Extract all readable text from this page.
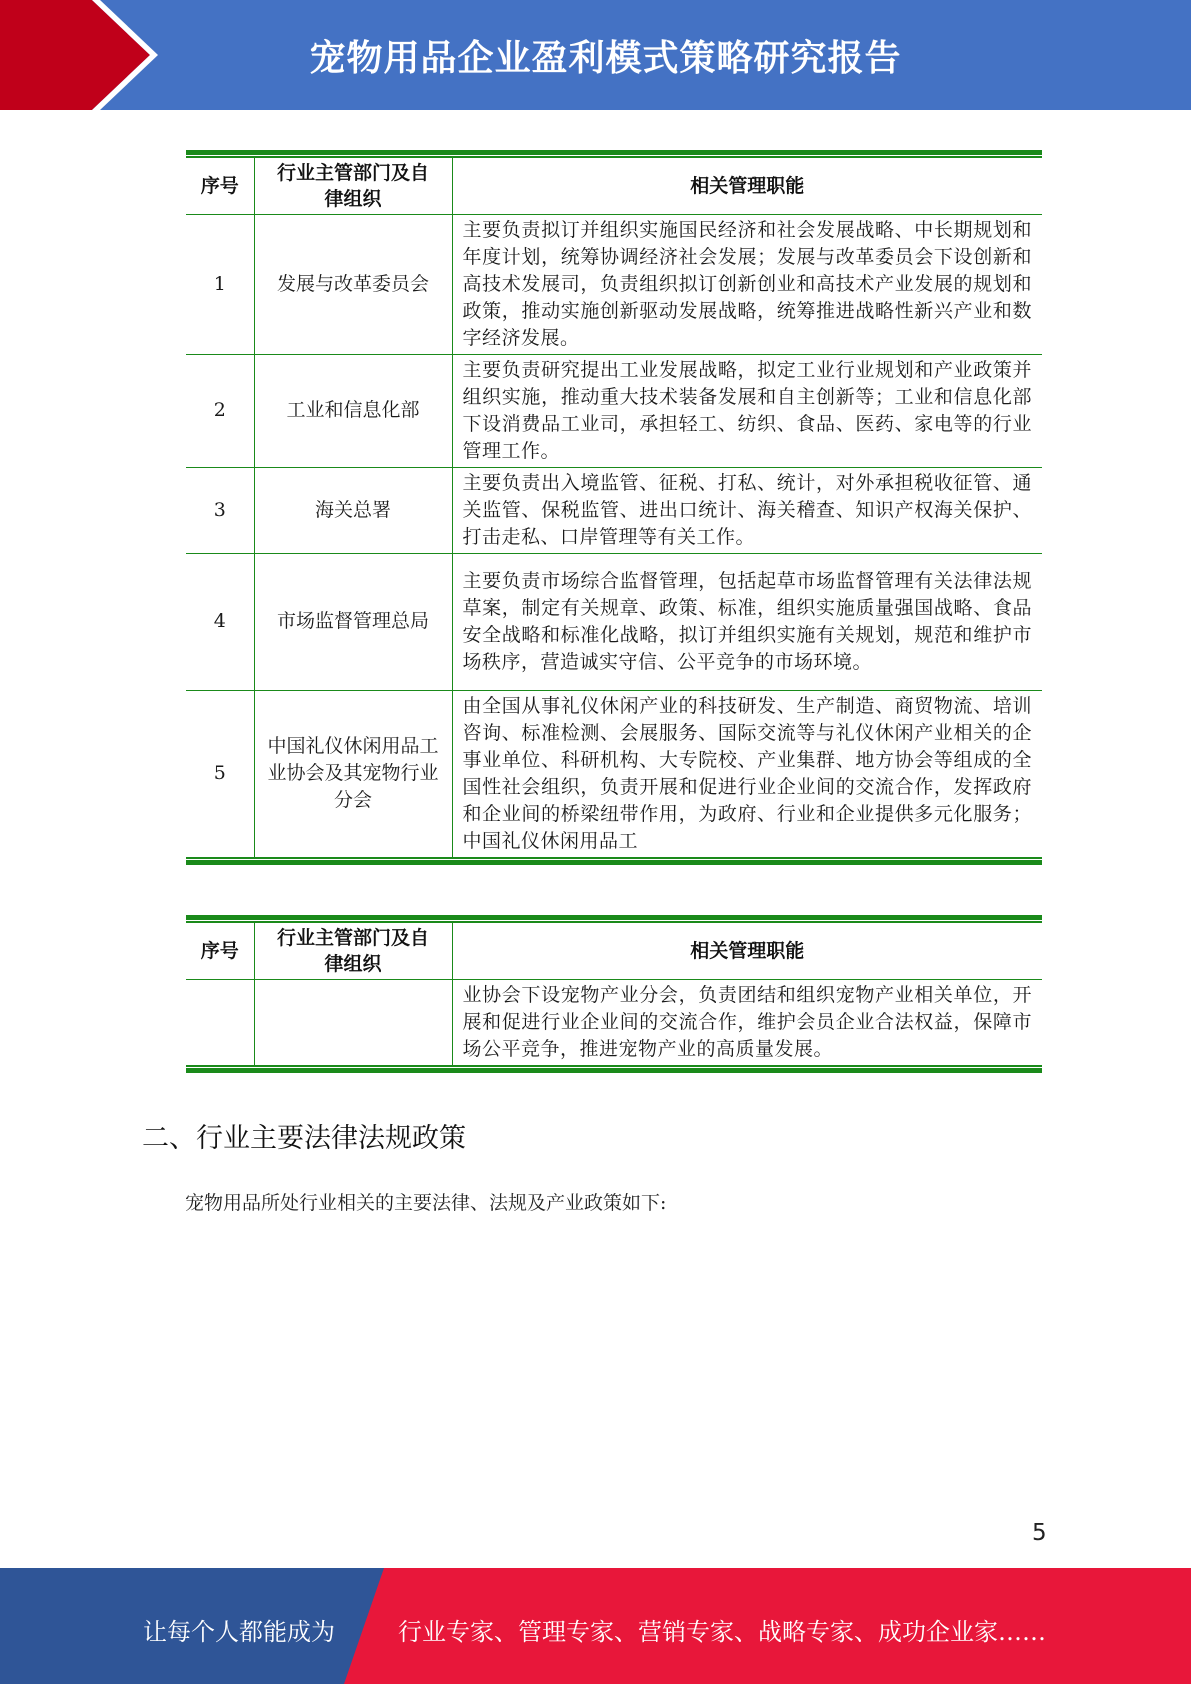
宠物用品企业盈利模式策略研究报告
序号	行业主管部门及自律组织	相关管理职能
1	发展与改革委员会	主要负责拟订并组织实施国民经济和社会发展战略、中长期规划和年度计划，统筹协调经济社会发展；发展与改革委员会下设创新和高技术发展司，负责组织拟订创新创业和高技术产业发展的规划和政策，推动实施创新驱动发展战略，统筹推进战略性新兴产业和数字经济发展。
2	工业和信息化部	主要负责研究提出工业发展战略，拟定工业行业规划和产业政策并组织实施，推动重大技术装备发展和自主创新等；工业和信息化部下设消费品工业司，承担轻工、纺织、食品、医药、家电等的行业管理工作。
3	海关总署	主要负责出入境监管、征税、打私、统计，对外承担税收征管、通关监管、保税监管、进出口统计、海关稽查、知识产权海关保护、打击走私、口岸管理等有关工作。
4	市场监督管理总局	主要负责市场综合监督管理，包括起草市场监督管理有关法律法规草案，制定有关规章、政策、标准，组织实施质量强国战略、食品安全战略和标准化战略，拟订并组织实施有关规划，规范和维护市场秩序，营造诚实守信、公平竞争的市场环境。
5	中国礼仪休闲用品工业协会及其宠物行业分会	由全国从事礼仪休闲产业的科技研发、生产制造、商贸物流、培训咨询、标准检测、会展服务、国际交流等与礼仪休闲产业相关的企事业单位、科研机构、大专院校、产业集群、地方协会等组成的全国性社会组织，负责开展和促进行业企业间的交流合作，发挥政府和企业间的桥梁纽带作用，为政府、行业和企业提供多元化服务；中国礼仪休闲用品工
序号	行业主管部门及自律组织	相关管理职能
		业协会下设宠物产业分会，负责团结和组织宠物产业相关单位，开展和促进行业企业间的交流合作，维护会员企业合法权益，保障市场公平竞争，推进宠物产业的高质量发展。
二、行业主要法律法规政策
宠物用品所处行业相关的主要法律、法规及产业政策如下:
5
让每个人都能成为	行业专家、管理专家、营销专家、战略专家、成功企业家……
